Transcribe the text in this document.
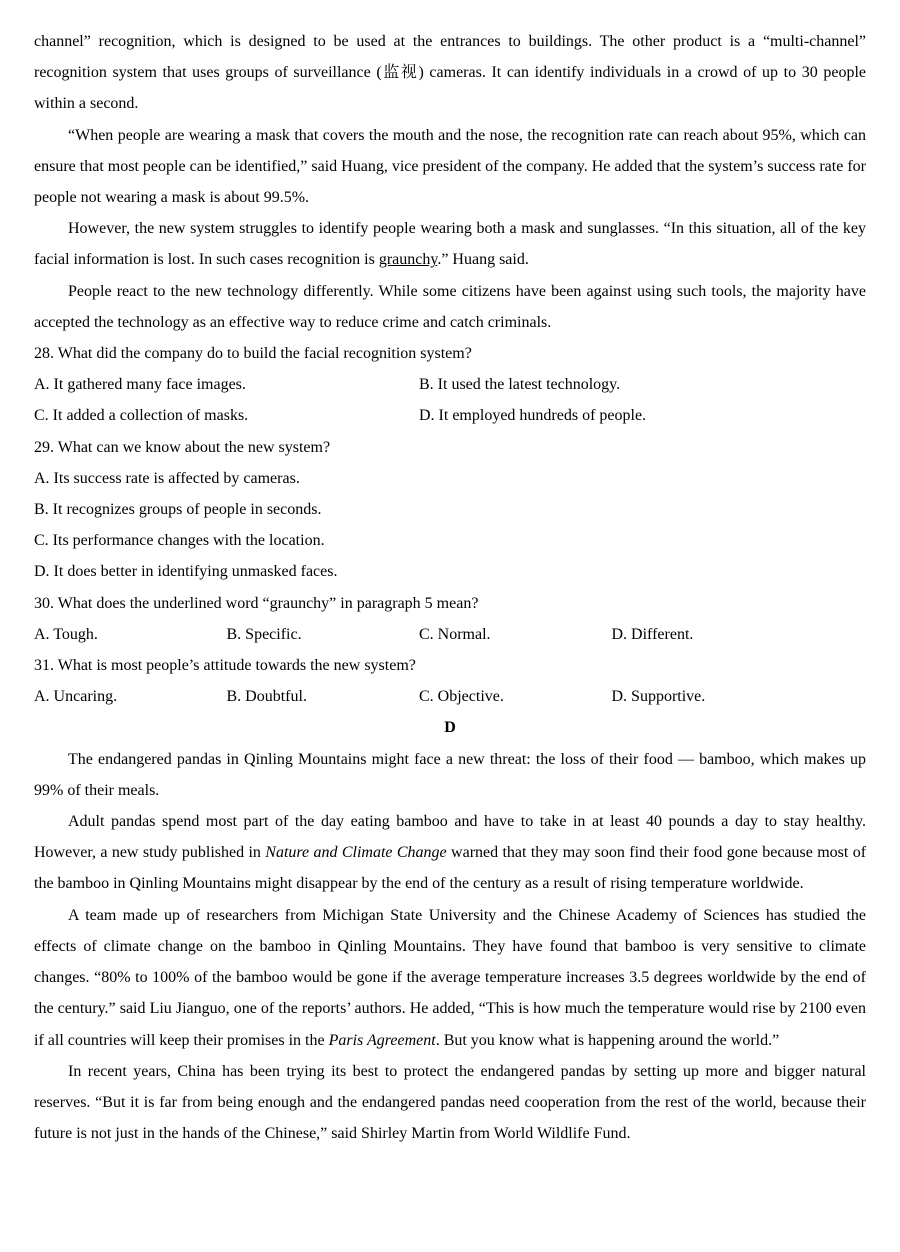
channel” recognition, which is designed to be used at the entrances to buildings. The other product is a “multi-channel” recognition system that uses groups of surveillance (监视) cameras. It can identify individuals in a crowd of up to 30 people within a second.

“When people are wearing a mask that covers the mouth and the nose, the recognition rate can reach about 95%, which can ensure that most people can be identified,” said Huang, vice president of the company. He added that the system’s success rate for people not wearing a mask is about 99.5%.

However, the new system struggles to identify people wearing both a mask and sunglasses. “In this situation, all of the key facial information is lost. In such cases recognition is graunchy.” Huang said.

People react to the new technology differently. While some citizens have been against using such tools, the majority have accepted the technology as an effective way to reduce crime and catch criminals.

28. What did the company do to build the facial recognition system?

A. It gathered many face images.	B. It used the latest technology.
C. It added a collection of masks.	D. It employed hundreds of people.

29. What can we know about the new system?

A. Its success rate is affected by cameras.

B. It recognizes groups of people in seconds.

C. Its performance changes with the location.

D. It does better in identifying unmasked faces.

30. What does the underlined word “graunchy” in paragraph 5 mean?

A. Tough.	B. Specific.	C. Normal.	D. Different.

31. What is most people’s attitude towards the new system?

A. Uncaring.	B. Doubtful.	C. Objective.	D. Supportive.

D

The endangered pandas in Qinling Mountains might face a new threat: the loss of their food — bamboo, which makes up 99% of their meals.

Adult pandas spend most part of the day eating bamboo and have to take in at least 40 pounds a day to stay healthy. However, a new study published in Nature and Climate Change warned that they may soon find their food gone because most of the bamboo in Qinling Mountains might disappear by the end of the century as a result of rising temperature worldwide.

A team made up of researchers from Michigan State University and the Chinese Academy of Sciences has studied the effects of climate change on the bamboo in Qinling Mountains. They have found that bamboo is very sensitive to climate changes. “80% to 100% of the bamboo would be gone if the average temperature increases 3.5 degrees worldwide by the end of the century.” said Liu Jianguo, one of the reports’ authors. He added, “This is how much the temperature would rise by 2100 even if all countries will keep their promises in the Paris Agreement. But you know what is happening around the world.”

In recent years, China has been trying its best to protect the endangered pandas by setting up more and bigger natural reserves. “But it is far from being enough and the endangered pandas need cooperation from the rest of the world, because their future is not just in the hands of the Chinese,” said Shirley Martin from World Wildlife Fund.
